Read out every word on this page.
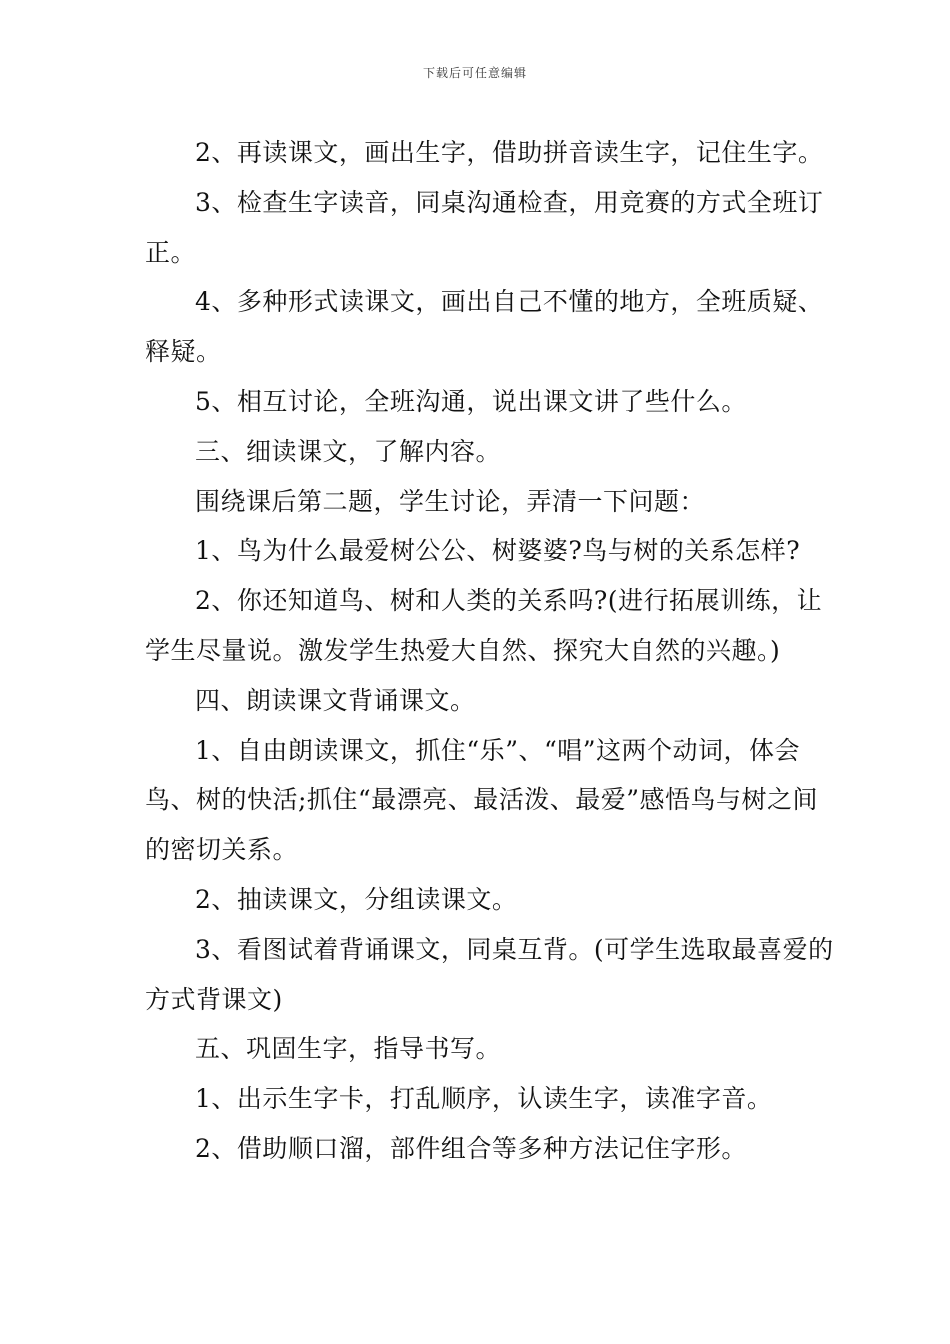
下载后可任意编辑

2、再读课文，画出生字，借助拼音读生字，记住生字。

3、检查生字读音，同桌沟通检查，用竞赛的方式全班订正。

4、多种形式读课文，画出自己不懂的地方，全班质疑、释疑。

5、相互讨论，全班沟通，说出课文讲了些什么。

三、细读课文，了解内容。

围绕课后第二题，学生讨论，弄清一下问题：

1、鸟为什么最爱树公公、树婆婆?鸟与树的关系怎样?

2、你还知道鸟、树和人类的关系吗?(进行拓展训练，让学生尽量说。激发学生热爱大自然、探究大自然的兴趣。)

四、朗读课文背诵课文。

1、自由朗读课文，抓住“乐”、“唱”这两个动词，体会鸟、树的快活;抓住“最漂亮、最活泼、最爱”感悟鸟与树之间的密切关系。

2、抽读课文，分组读课文。

3、看图试着背诵课文，同桌互背。(可学生选取最喜爱的方式背课文)

五、巩固生字，指导书写。

1、出示生字卡，打乱顺序，认读生字，读准字音。

2、借助顺口溜，部件组合等多种方法记住字形。
